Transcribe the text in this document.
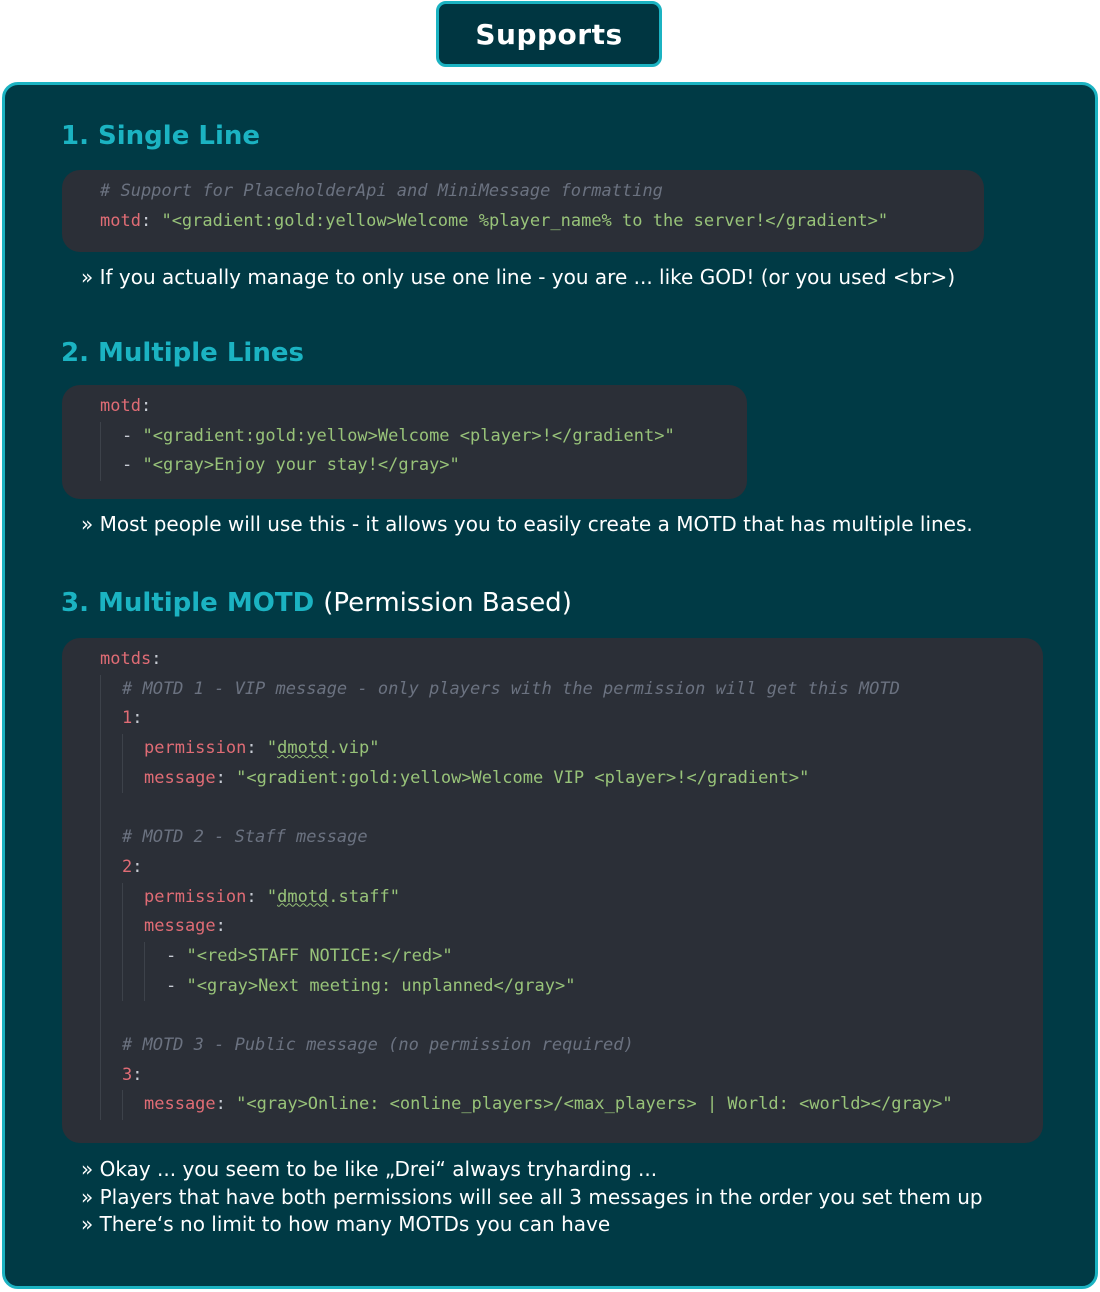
Supports
1. Single Line
# Support for PlaceholderApi and MiniMessage formatting
motd :
"<gradient:gold:yellow>Welcome %player_name% to the server!</gradient>"

» If you actually manage to only use one line - you are ... like GOD! (or you used <br>)

2. Multiple Lines
motd :
-
"<gradient:gold:yellow>Welcome <player>!</gradient>"
-
"<gray>Enjoy your stay!</gray>"

» Most people will use this - it allows you to easily create a MOTD that has multiple lines.

3. Multiple MOTD (Permission Based)
motds :
# MOTD 1 - VIP message - only players with the permission will get this MOTD
1 :
permission :
" dmotd .vip"
message :
"<gradient:gold:yellow>Welcome VIP <player>!</gradient>"
# MOTD 2 - Staff message
2 :
permission :
" dmotd .staff"
message :
-
"<red>STAFF NOTICE:</red>"
-
"<gray>Next meeting: unplanned</gray>"
# MOTD 3 - Public message (no permission required)
3 :
message :
"<gray>Online: <online_players>/<max_players> | World: <world></gray>"

» Okay ... you seem to be like „Drei“ always tryharding ...

» Players that have both permissions will see all 3 messages in the order you set them up

» There‘s no limit to how many MOTDs you can have
